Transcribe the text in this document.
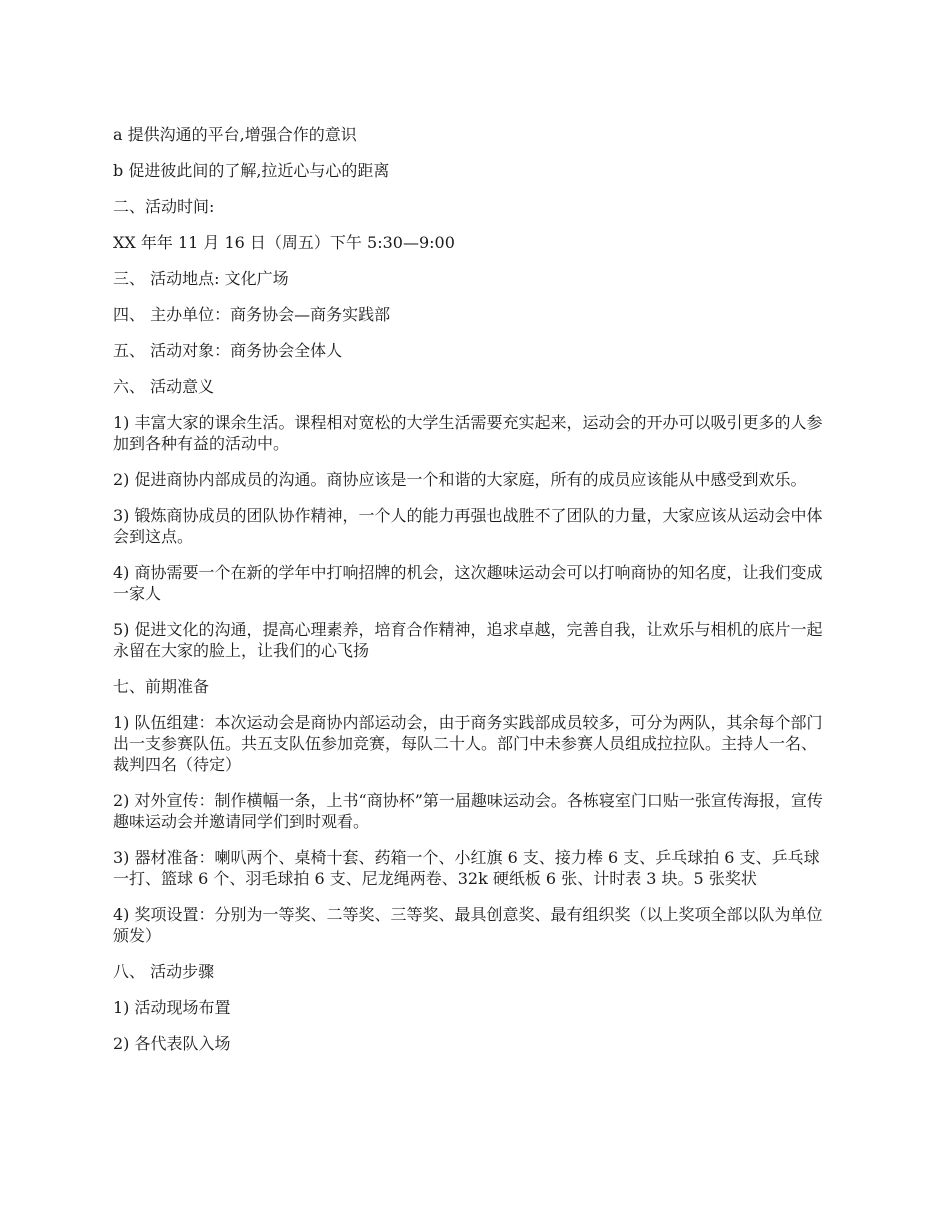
a 提供沟通的平台,增强合作的意识

b 促进彼此间的了解,拉近心与心的距离

二、活动时间:

XX 年年 11 月 16 日（周五）下午 5:30—9:00

三、 活动地点: 文化广场

四、 主办单位：商务协会—商务实践部

五、 活动对象：商务协会全体人

六、 活动意义

1) 丰富大家的课余生活。课程相对宽松的大学生活需要充实起来，运动会的开办可以吸引更多的人参加到各种有益的活动中。

2) 促进商协内部成员的沟通。商协应该是一个和谐的大家庭，所有的成员应该能从中感受到欢乐。

3) 锻炼商协成员的团队协作精神，一个人的能力再强也战胜不了团队的力量，大家应该从运动会中体会到这点。

4) 商协需要一个在新的学年中打响招牌的机会，这次趣味运动会可以打响商协的知名度，让我们变成一家人

5) 促进文化的沟通，提高心理素养，培育合作精神，追求卓越，完善自我，让欢乐与相机的底片一起永留在大家的脸上，让我们的心飞扬

七、前期准备

1) 队伍组建：本次运动会是商协内部运动会，由于商务实践部成员较多，可分为两队，其余每个部门出一支参赛队伍。共五支队伍参加竞赛，每队二十人。部门中未参赛人员组成拉拉队。主持人一名、裁判四名（待定）

2) 对外宣传：制作横幅一条，上书“商协杯”第一届趣味运动会。各栋寝室门口贴一张宣传海报，宣传趣味运动会并邀请同学们到时观看。

3) 器材准备：喇叭两个、桌椅十套、药箱一个、小红旗 6 支、接力棒 6 支、乒乓球拍 6 支、乒乓球一打、篮球 6 个、羽毛球拍 6 支、尼龙绳两卷、32k 硬纸板 6 张、计时表 3 块。5 张奖状

4) 奖项设置：分别为一等奖、二等奖、三等奖、最具创意奖、最有组织奖（以上奖项全部以队为单位颁发）

八、 活动步骤

1) 活动现场布置

2) 各代表队入场
